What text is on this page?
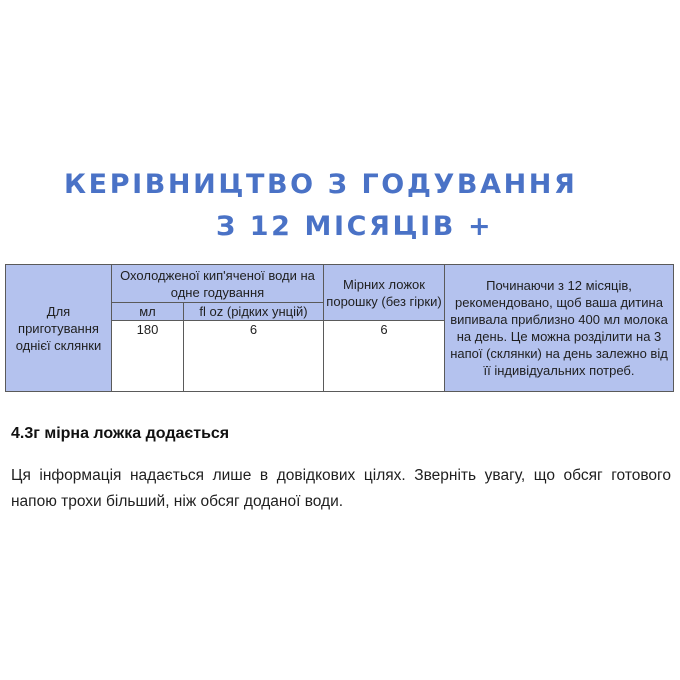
КЕРІВНИЦТВО З ГОДУВАННЯ
З 12 МІСЯЦІВ +
Для приготування однієї склянки	Охолодженої кип'яченої води на одне годування		Мірних ложок порошку (без гірки)	Починаючи з 12 місяців, рекомендовано, щоб ваша дитина випивала приблизно 400 мл молока на день. Це можна розділити на 3 напої (склянки) на день залежно від її індивідуальних потреб.
	мл	fl oz (рідких унцій)		
	180	6	6	
4.3г мірна ложка додається
Ця інформація надається лише в довідкових цілях. Зверніть увагу, що обсяг готового напою трохи більший, ніж обсяг доданої води.
